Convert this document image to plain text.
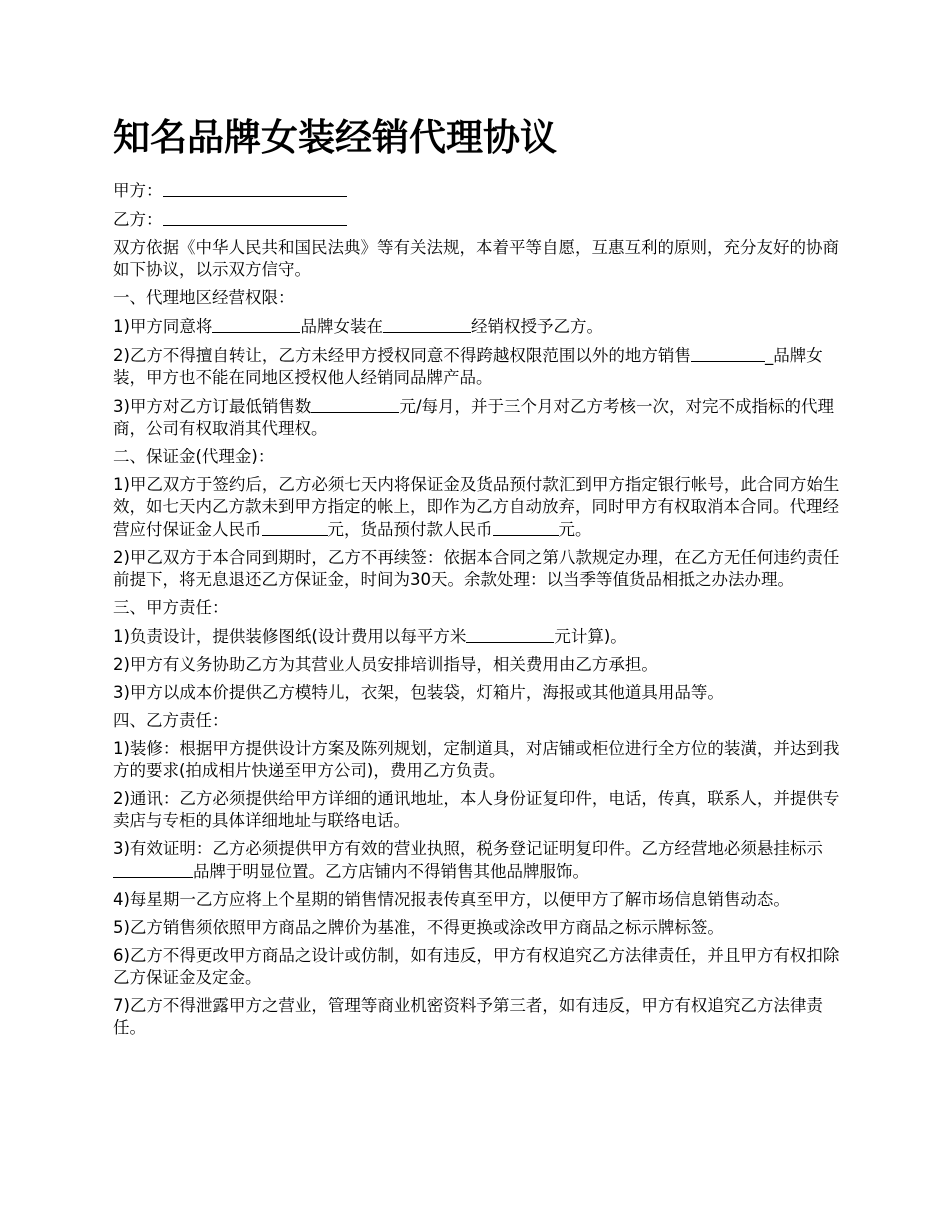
知名品牌女装经销代理协议

甲方：

乙方：

双方依据《中华人民共和国民法典》等有关法规，本着平等自愿，互惠互利的原则，充分友好的协商如下协议，以示双方信守。

一、代理地区经营权限：

1)甲方同意将	品牌女装在	经销权授予乙方。

2)乙方不得擅自转让，乙方未经甲方授权同意不得跨越权限范围以外的地方销售	_品牌女装，甲方也不能在同地区授权他人经销同品牌产品。

3)甲方对乙方订最低销售数	元/每月，并于三个月对乙方考核一次，对完不成指标的代理商，公司有权取消其代理权。

二、保证金(代理金)：

1)甲乙双方于签约后，乙方必须七天内将保证金及货品预付款汇到甲方指定银行帐号，此合同方始生效，如七天内乙方款未到甲方指定的帐上，即作为乙方自动放弃，同时甲方有权取消本合同。代理经营应付保证金人民币	元，货品预付款人民币	元。

2)甲乙双方于本合同到期时，乙方不再续签：依据本合同之第八款规定办理，在乙方无任何违约责任前提下，将无息退还乙方保证金，时间为30天。余款处理：以当季等值货品相抵之办法办理。

三、甲方责任：

1)负责设计，提供装修图纸(设计费用以每平方米	元计算)。

2)甲方有义务协助乙方为其营业人员安排培训指导，相关费用由乙方承担。

3)甲方以成本价提供乙方模特儿，衣架，包装袋，灯箱片，海报或其他道具用品等。

四、乙方责任：

1)装修：根据甲方提供设计方案及陈列规划，定制道具，对店铺或柜位进行全方位的装潢，并达到我方的要求(拍成相片快递至甲方公司)，费用乙方负责。

2)通讯：乙方必须提供给甲方详细的通讯地址，本人身份证复印件，电话，传真，联系人，并提供专卖店与专柜的具体详细地址与联络电话。

3)有效证明：乙方必须提供甲方有效的营业执照，税务登记证明复印件。乙方经营地必须悬挂标示品牌于明显位置。乙方店铺内不得销售其他品牌服饰。

4)每星期一乙方应将上个星期的销售情况报表传真至甲方，以便甲方了解市场信息销售动态。

5)乙方销售须依照甲方商品之牌价为基准，不得更换或涂改甲方商品之标示牌标签。

6)乙方不得更改甲方商品之设计或仿制，如有违反，甲方有权追究乙方法律责任，并且甲方有权扣除乙方保证金及定金。

7)乙方不得泄露甲方之营业，管理等商业机密资料予第三者，如有违反，甲方有权追究乙方法律责任。
